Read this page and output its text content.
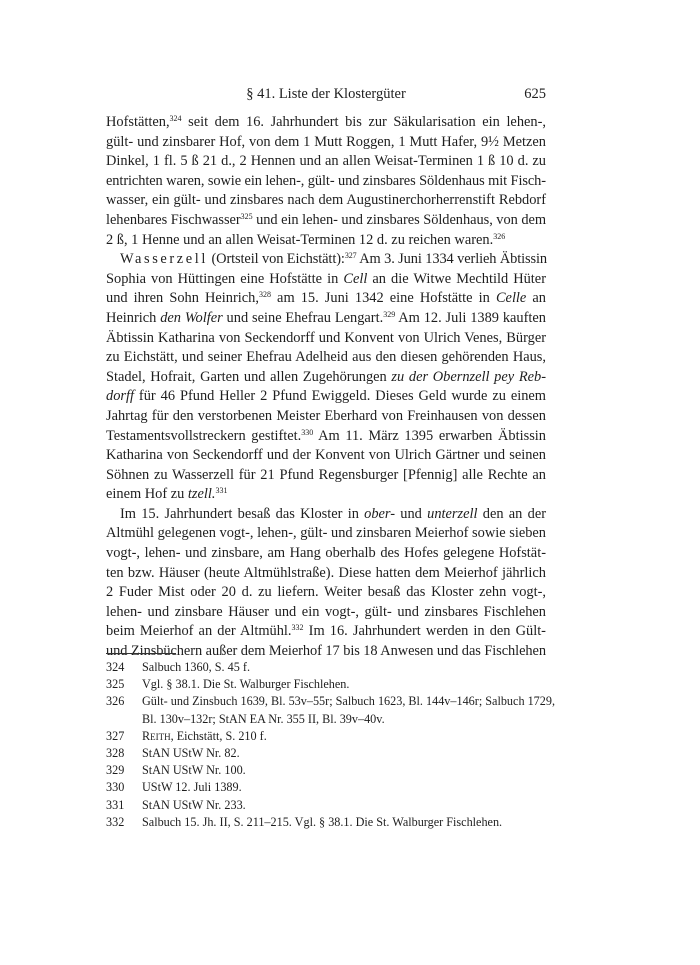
§ 41. Liste der Klostergüter	625
Hofstätten,$^{324}$ seit dem 16. Jahrhundert bis zur Säkularisation ein lehen-,
gült- und zinsbarer Hof, von dem 1 Mutt Roggen, 1 Mutt Hafer, 9½ Metzen
Dinkel, 1 fl. 5 ß 21 d., 2 Hennen und an allen Weisat-Terminen 1 ß 10 d. zu
entrichten waren, sowie ein lehen-, gült- und zinsbares Söldenhaus mit Fisch-
wasser, ein gült- und zinsbares nach dem Augustinerchorherrenstift Rebdorf
lehenbares Fischwasser$^{325}$ und ein lehen- und zinsbares Söldenhaus, von dem
2 ß, 1 Henne und an allen Weisat-Terminen 12 d. zu reichen waren.$^{326}$
Wasserzell (Ortsteil von Eichstätt):$^{327}$ Am 3. Juni 1334 verlieh Äbtissin
Sophia von Hüttingen eine Hofstätte in Cell an die Witwe Mechtild Hüter
und ihren Sohn Heinrich,$^{328}$ am 15. Juni 1342 eine Hofstätte in Celle an
Heinrich den Wolfer und seine Ehefrau Lengart.$^{329}$ Am 12. Juli 1389 kauften
Äbtissin Katharina von Seckendorff und Konvent von Ulrich Venes, Bürger
zu Eichstätt, und seiner Ehefrau Adelheid aus den diesen gehörenden Haus,
Stadel, Hofrait, Garten und allen Zugehörungen zu der Obernzell pey Reb-
dorff für 46 Pfund Heller 2 Pfund Ewiggeld. Dieses Geld wurde zu einem
Jahrtag für den verstorbenen Meister Eberhard von Freinhausen von dessen
Testamentsvollstreckern gestiftet.$^{330}$ Am 11. März 1395 erwarben Äbtissin
Katharina von Seckendorff und der Konvent von Ulrich Gärtner und seinen
Söhnen zu Wasserzell für 21 Pfund Regensburger [Pfennig] alle Rechte an
einem Hof zu tzell.$^{331}$
Im 15. Jahrhundert besaß das Kloster in ober- und unterzell den an der
Altmühl gelegenen vogt-, lehen-, gült- und zinsbaren Meierhof sowie sieben
vogt-, lehen- und zinsbare, am Hang oberhalb des Hofes gelegene Hofstät-
ten bzw. Häuser (heute Altmühlstraße). Diese hatten dem Meierhof jährlich
2 Fuder Mist oder 20 d. zu liefern. Weiter besaß das Kloster zehn vogt-,
lehen- und zinsbare Häuser und ein vogt-, gült- und zinsbares Fischlehen
beim Meierhof an der Altmühl.$^{332}$ Im 16. Jahrhundert werden in den Gült-
und Zinsbüchern außer dem Meierhof 17 bis 18 Anwesen und das Fischlehen
324	Salbuch 1360, S. 45 f.
325	Vgl. § 38.1. Die St. Walburger Fischlehen.
326	Gült- und Zinsbuch 1639, Bl. 53v–55r; Salbuch 1623, Bl. 144v–146r; Salbuch 1729,
Bl. 130v–132r; StAN EA Nr. 355 II, Bl. 39v–40v.
327	Reith, Eichstätt, S. 210 f.
328	StAN UStW Nr. 82.
329	StAN UStW Nr. 100.
330	UStW 12. Juli 1389.
331	StAN UStW Nr. 233.
332	Salbuch 15. Jh. II, S. 211–215. Vgl. § 38.1. Die St. Walburger Fischlehen.
